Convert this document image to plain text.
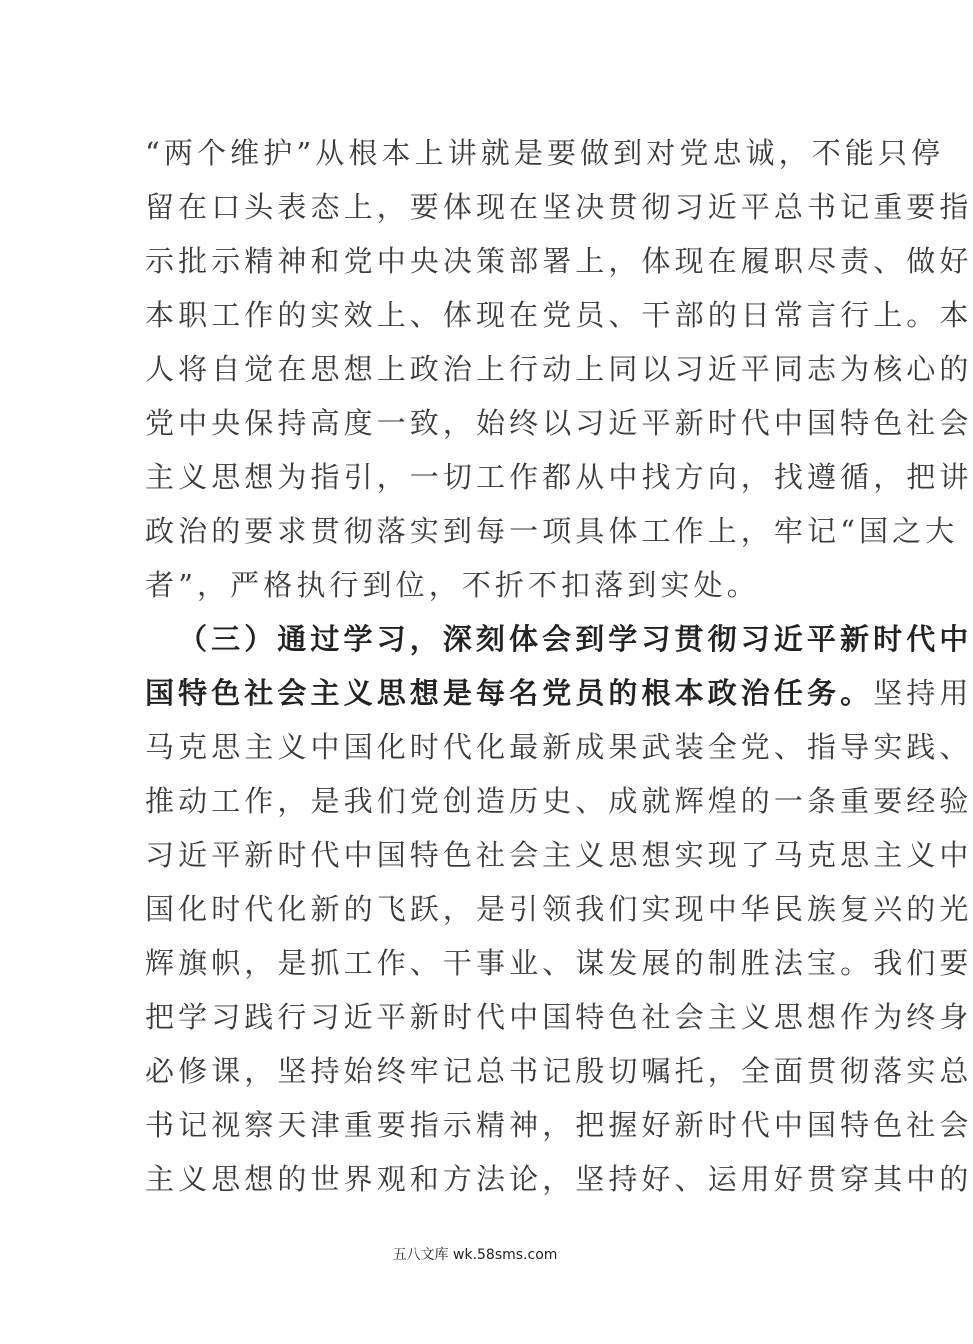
“两个维护”从根本上讲就是要做到对党忠诚，不能只停
留在口头表态上，要体现在坚决贯彻习近平总书记重要指
示批示精神和党中央决策部署上，体现在履职尽责、做好
本职工作的实效上、体现在党员、干部的日常言行上。本
人将自觉在思想上政治上行动上同以习近平同志为核心的
党中央保持高度一致，始终以习近平新时代中国特色社会
主义思想为指引，一切工作都从中找方向，找遵循，把讲
政治的要求贯彻落实到每一项具体工作上，牢记“国之大
者”，严格执行到位，不折不扣落到实处。
（三）通过学习，深刻体会到学习贯彻习近平新时代中
国特色社会主义思想是每名党员的根本政治任务。坚持用
马克思主义中国化时代化最新成果武装全党、指导实践、
推动工作，是我们党创造历史、成就辉煌的一条重要经验
习近平新时代中国特色社会主义思想实现了马克思主义中
国化时代化新的飞跃，是引领我们实现中华民族复兴的光
辉旗帜，是抓工作、干事业、谋发展的制胜法宝。我们要
把学习践行习近平新时代中国特色社会主义思想作为终身
必修课，坚持始终牢记总书记殷切嘱托，全面贯彻落实总
书记视察天津重要指示精神，把握好新时代中国特色社会
主义思想的世界观和方法论，坚持好、运用好贯穿其中的
五八文库 wk.58sms.com
